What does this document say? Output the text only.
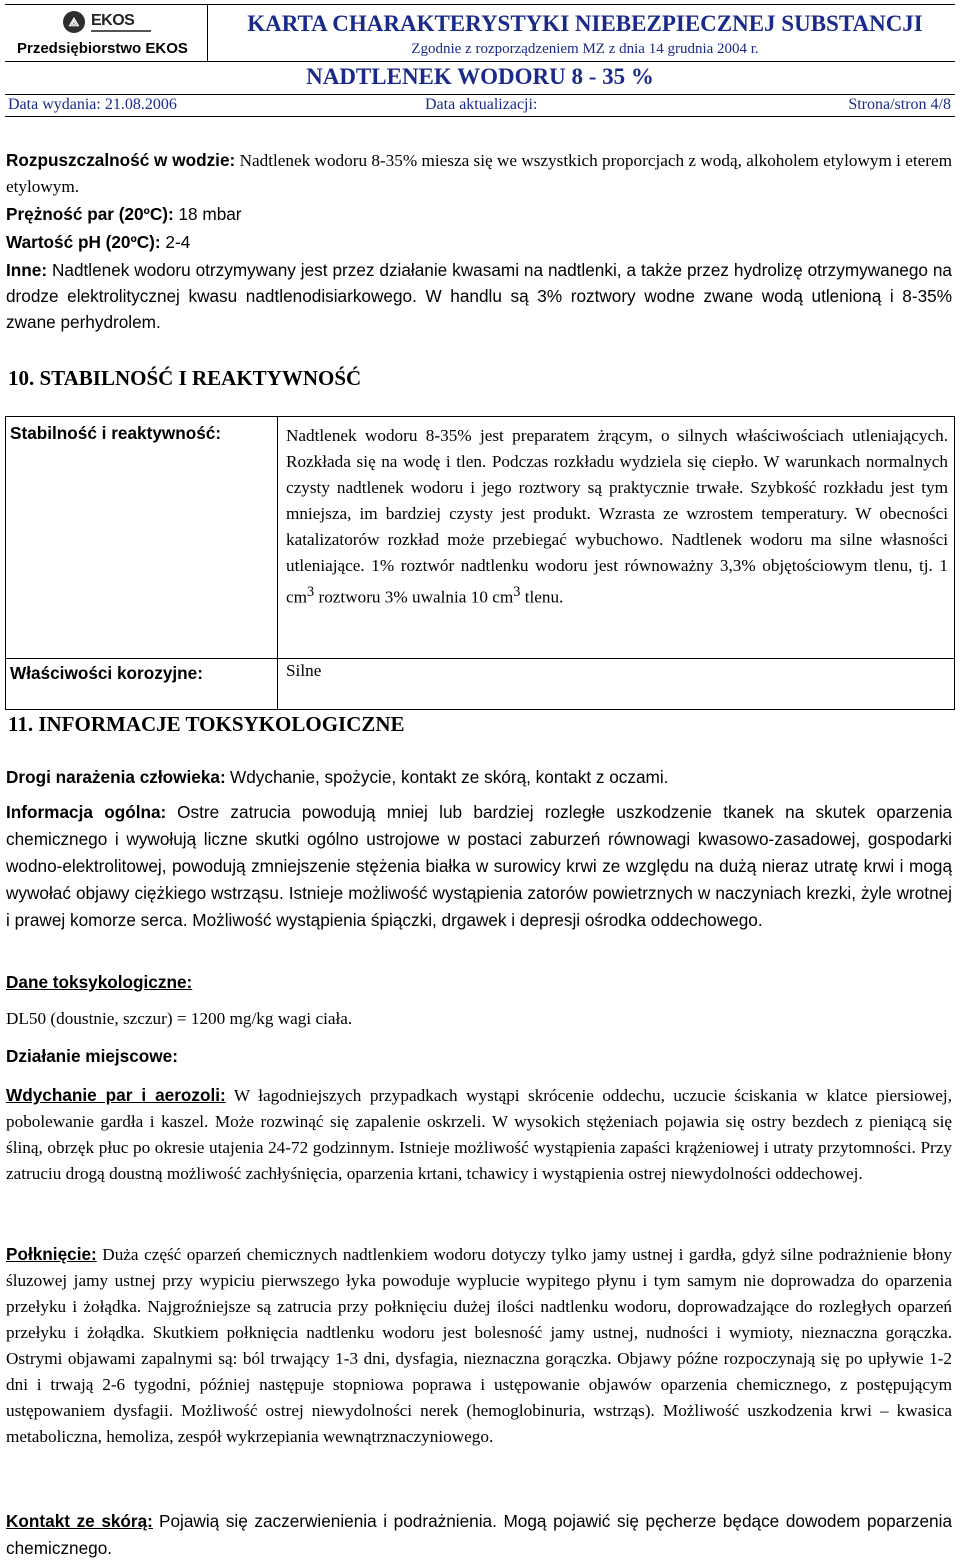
⟁ EKOS
Przedsiębiorstwo EKOS
KARTA CHARAKTERYSTYKI NIEBEZPIECZNEJ SUBSTANCJI
Zgodnie z rozporządzeniem MZ z dnia 14 grudnia 2004 r.
NADTLENEK WODORU 8 - 35 %
Data wydania: 21.08.2006	Data aktualizacji:	Strona/stron 4/8
Rozpuszczalność w wodzie: Nadtlenek wodoru 8-35% miesza się we wszystkich proporcjach z wodą, alkoholem etylowym i eterem etylowym.
Prężność par (20ºC): 18 mbar
Wartość pH (20ºC): 2-4
Inne: Nadtlenek wodoru otrzymywany jest przez działanie kwasami na nadtlenki, a także przez hydrolizę otrzymywanego na drodze elektrolitycznej kwasu nadtlenodisiarkowego. W handlu są 3% roztwory wodne zwane wodą utlenioną i 8-35% zwane perhydrolem.
10. STABILNOŚĆ I REAKTYWNOŚĆ
Stabilność i reaktywność:	Nadtlenek wodoru 8-35% jest preparatem żrącym, o silnych właściwościach utleniających. Rozkłada się na wodę i tlen. Podczas rozkładu wydziela się ciepło. W warunkach normalnych czysty nadtlenek wodoru i jego roztwory są praktycznie trwałe. Szybkość rozkładu jest tym mniejsza, im bardziej czysty jest produkt. Wzrasta ze wzrostem temperatury. W obecności katalizatorów rozkład może przebiegać wybuchowo. Nadtlenek wodoru ma silne własności utleniające. 1% roztwór nadtlenku wodoru jest równoważny 3,3% objętościowym tlenu, tj. 1 $cm^3$ roztworu 3% uwalnia 10 $cm^3$ tlenu.
Właściwości korozyjne:	Silne
11. INFORMACJE TOKSYKOLOGICZNE
Drogi narażenia człowieka: Wdychanie, spożycie, kontakt ze skórą, kontakt z oczami.
Informacja ogólna: Ostre zatrucia powodują mniej lub bardziej rozległe uszkodzenie tkanek na skutek oparzenia chemicznego i wywołują liczne skutki ogólno ustrojowe w postaci zaburzeń równowagi kwasowo-zasadowej, gospodarki wodno-elektrolitowej, powodują zmniejszenie stężenia białka w surowicy krwi ze względu na dużą nieraz utratę krwi i mogą wywołać objawy ciężkiego wstrząsu. Istnieje możliwość wystąpienia zatorów powietrznych w naczyniach krezki, żyle wrotnej i prawej komorze serca. Możliwość wystąpienia śpiączki, drgawek i depresji ośrodka oddechowego.
Dane toksykologiczne:
DL50 (doustnie, szczur) = 1200 mg/kg wagi ciała.
Działanie miejscowe:
Wdychanie par i aerozoli: W łagodniejszych przypadkach wystąpi skrócenie oddechu, uczucie ściskania w klatce piersiowej, pobolewanie gardła i kaszel. Może rozwinąć się zapalenie oskrzeli. W wysokich stężeniach pojawia się ostry bezdech z pieniącą się śliną, obrzęk płuc po okresie utajenia 24-72 godzinnym. Istnieje możliwość wystąpienia zapaści krążeniowej i utraty przytomności. Przy zatruciu drogą doustną możliwość zachłyśnięcia, oparzenia krtani, tchawicy i wystąpienia ostrej niewydolności oddechowej.
Połknięcie: Duża część oparzeń chemicznych nadtlenkiem wodoru dotyczy tylko jamy ustnej i gardła, gdyż silne podrażnienie błony śluzowej jamy ustnej przy wypiciu pierwszego łyka powoduje wyplucie wypitego płynu i tym samym nie doprowadza do oparzenia przełyku i żołądka. Najgroźniejsze są zatrucia przy połknięciu dużej ilości nadtlenku wodoru, doprowadzające do rozległych oparzeń przełyku i żołądka. Skutkiem połknięcia nadtlenku wodoru jest bolesność jamy ustnej, nudności i wymioty, nieznaczna gorączka. Ostrymi objawami zapalnymi są: ból trwający 1-3 dni, dysfagia, nieznaczna gorączka. Objawy późne rozpoczynają się po upływie 1-2 dni i trwają 2-6 tygodni, później następuje stopniowa poprawa i ustępowanie objawów oparzenia chemicznego, z postępującym ustępowaniem dysfagii. Możliwość ostrej niewydolności nerek (hemoglobinuria, wstrząs). Możliwość uszkodzenia krwi – kwasica metaboliczna, hemoliza, zespół wykrzepiania wewnątrznaczyniowego.
Kontakt ze skórą: Pojawią się zaczerwienienia i podrażnienia. Mogą pojawić się pęcherze będące dowodem poparzenia chemicznego.
